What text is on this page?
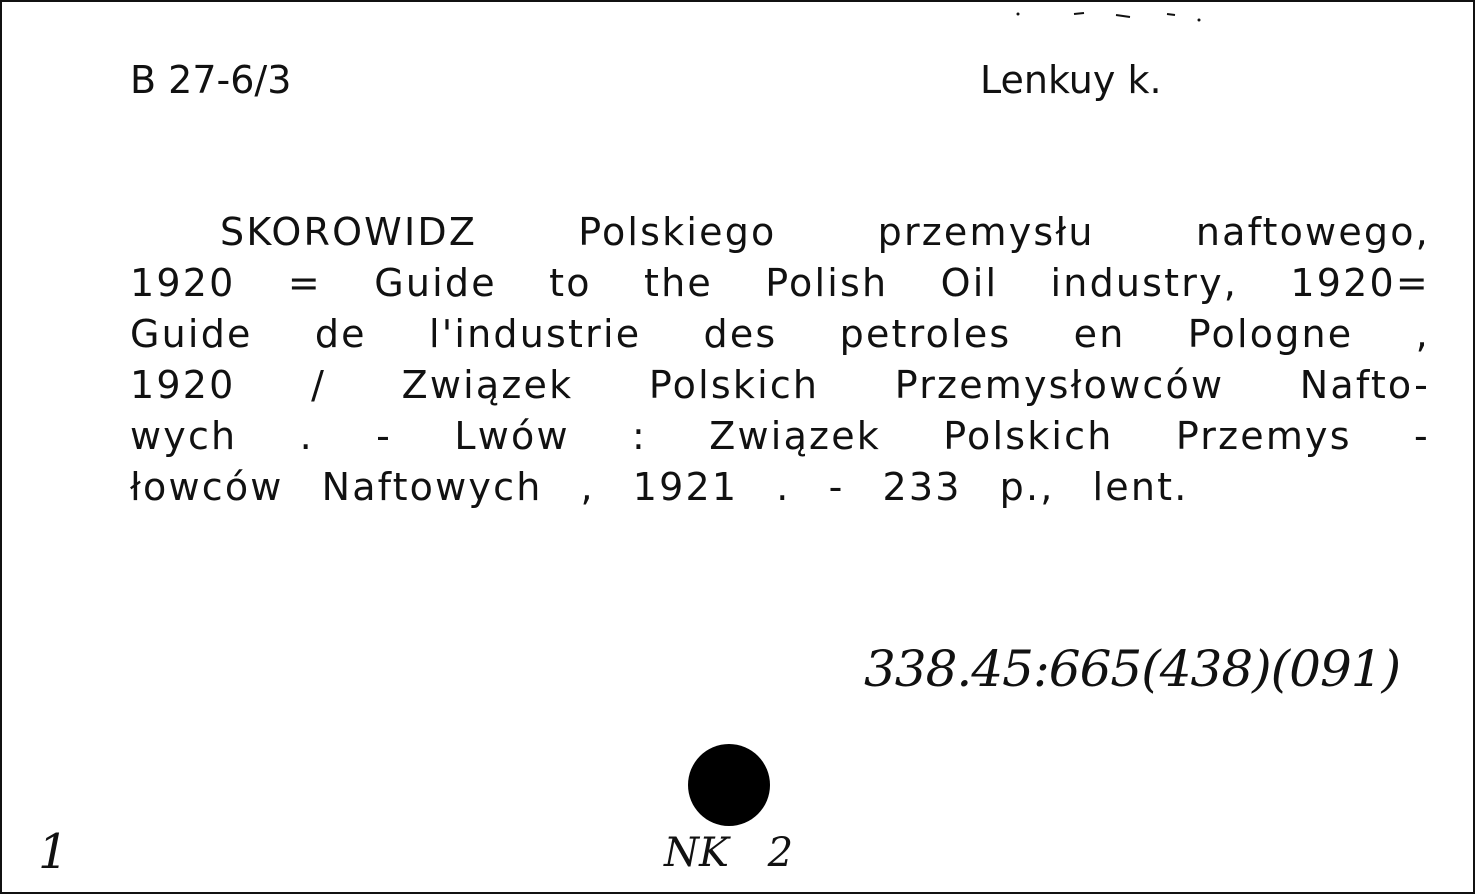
B 27-6/3	Lenkuy k.
SKOROWIDZ	Polskiego	przemysłu	naftowego,
1920 = Guide to the Polish Oil industry, 1920=
Guide de l'industrie des petroles en Pologne ,
1920 / Związek Polskich Przemysłowców Nafto-
wych . - Lwów : Związek Polskich Przemys -
łowców Naftowych , 1921 . - 233 p., lent.
338.45:665(438)(091)
1	NK 2
